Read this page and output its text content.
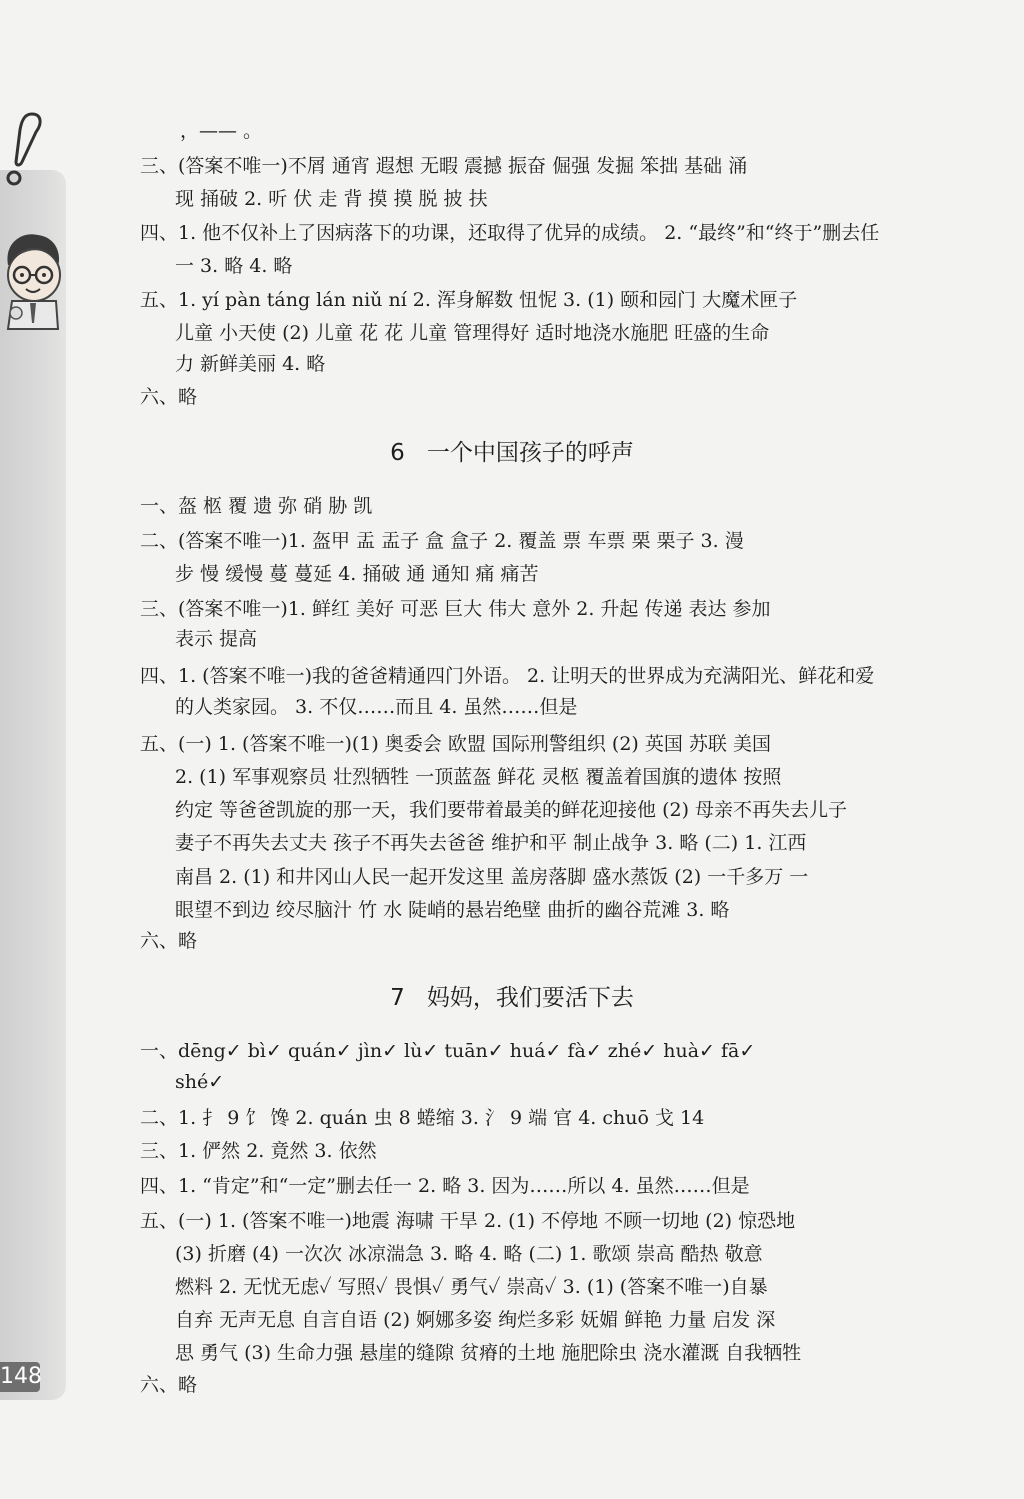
148
，—— 。
三、(答案不唯一)不屑 通宵 遐想 无暇 震撼 振奋 倔强 发掘 笨拙 基础 涌
现 捅破 2. 听 伏 走 背 摸 摸 脱 披 扶
四、1. 他不仅补上了因病落下的功课，还取得了优异的成绩。 2. “最终”和“终于”删去任
一 3. 略 4. 略
五、1. yí pàn táng lán niǔ ní 2. 浑身解数 忸怩 3. (1) 颐和园门 大魔术匣子
儿童 小天使 (2) 儿童 花 花 儿童 管理得好 适时地浇水施肥 旺盛的生命
力 新鲜美丽 4. 略
六、略
6 一个中国孩子的呼声
一、盔 柩 覆 遗 弥 硝 胁 凯
二、(答案不唯一)1. 盔甲 盂 盂子 盒 盒子 2. 覆盖 票 车票 栗 栗子 3. 漫
步 慢 缓慢 蔓 蔓延 4. 捅破 通 通知 痛 痛苦
三、(答案不唯一)1. 鲜红 美好 可恶 巨大 伟大 意外 2. 升起 传递 表达 参加
表示 提高
四、1. (答案不唯一)我的爸爸精通四门外语。 2. 让明天的世界成为充满阳光、鲜花和爱
的人类家园。 3. 不仅……而且 4. 虽然……但是
五、(一) 1. (答案不唯一)(1) 奥委会 欧盟 国际刑警组织 (2) 英国 苏联 美国
2. (1) 军事观察员 壮烈牺牲 一顶蓝盔 鲜花 灵柩 覆盖着国旗的遗体 按照
约定 等爸爸凯旋的那一天，我们要带着最美的鲜花迎接他 (2) 母亲不再失去儿子
妻子不再失去丈夫 孩子不再失去爸爸 维护和平 制止战争 3. 略 (二) 1. 江西
南昌 2. (1) 和井冈山人民一起开发这里 盖房落脚 盛水蒸饭 (2) 一千多万 一
眼望不到边 绞尽脑汁 竹 水 陡峭的悬岩绝壁 曲折的幽谷荒滩 3. 略
六、略
7 妈妈，我们要活下去
一、dēng✓ bì✓ quán✓ jìn✓ lù✓ tuān✓ huá✓ fà✓ zhé✓ huà✓ fā✓
shé✓
二、1. 扌 9 饣 馋 2. quán 虫 8 蜷缩 3. 氵 9 端 官 4. chuō 戈 14
三、1. 俨然 2. 竟然 3. 依然
四、1. “肯定”和“一定”删去任一 2. 略 3. 因为……所以 4. 虽然……但是
五、(一) 1. (答案不唯一)地震 海啸 干旱 2. (1) 不停地 不顾一切地 (2) 惊恐地
(3) 折磨 (4) 一次次 冰凉湍急 3. 略 4. 略 (二) 1. 歌颂 崇高 酷热 敬意
燃料 2. 无忧无虑✓ 写照✓ 畏惧✓ 勇气✓ 崇高✓ 3. (1) (答案不唯一)自暴
自弃 无声无息 自言自语 (2) 婀娜多姿 绚烂多彩 妩媚 鲜艳 力量 启发 深
思 勇气 (3) 生命力强 悬崖的缝隙 贫瘠的土地 施肥除虫 浇水灌溉 自我牺牲
六、略
